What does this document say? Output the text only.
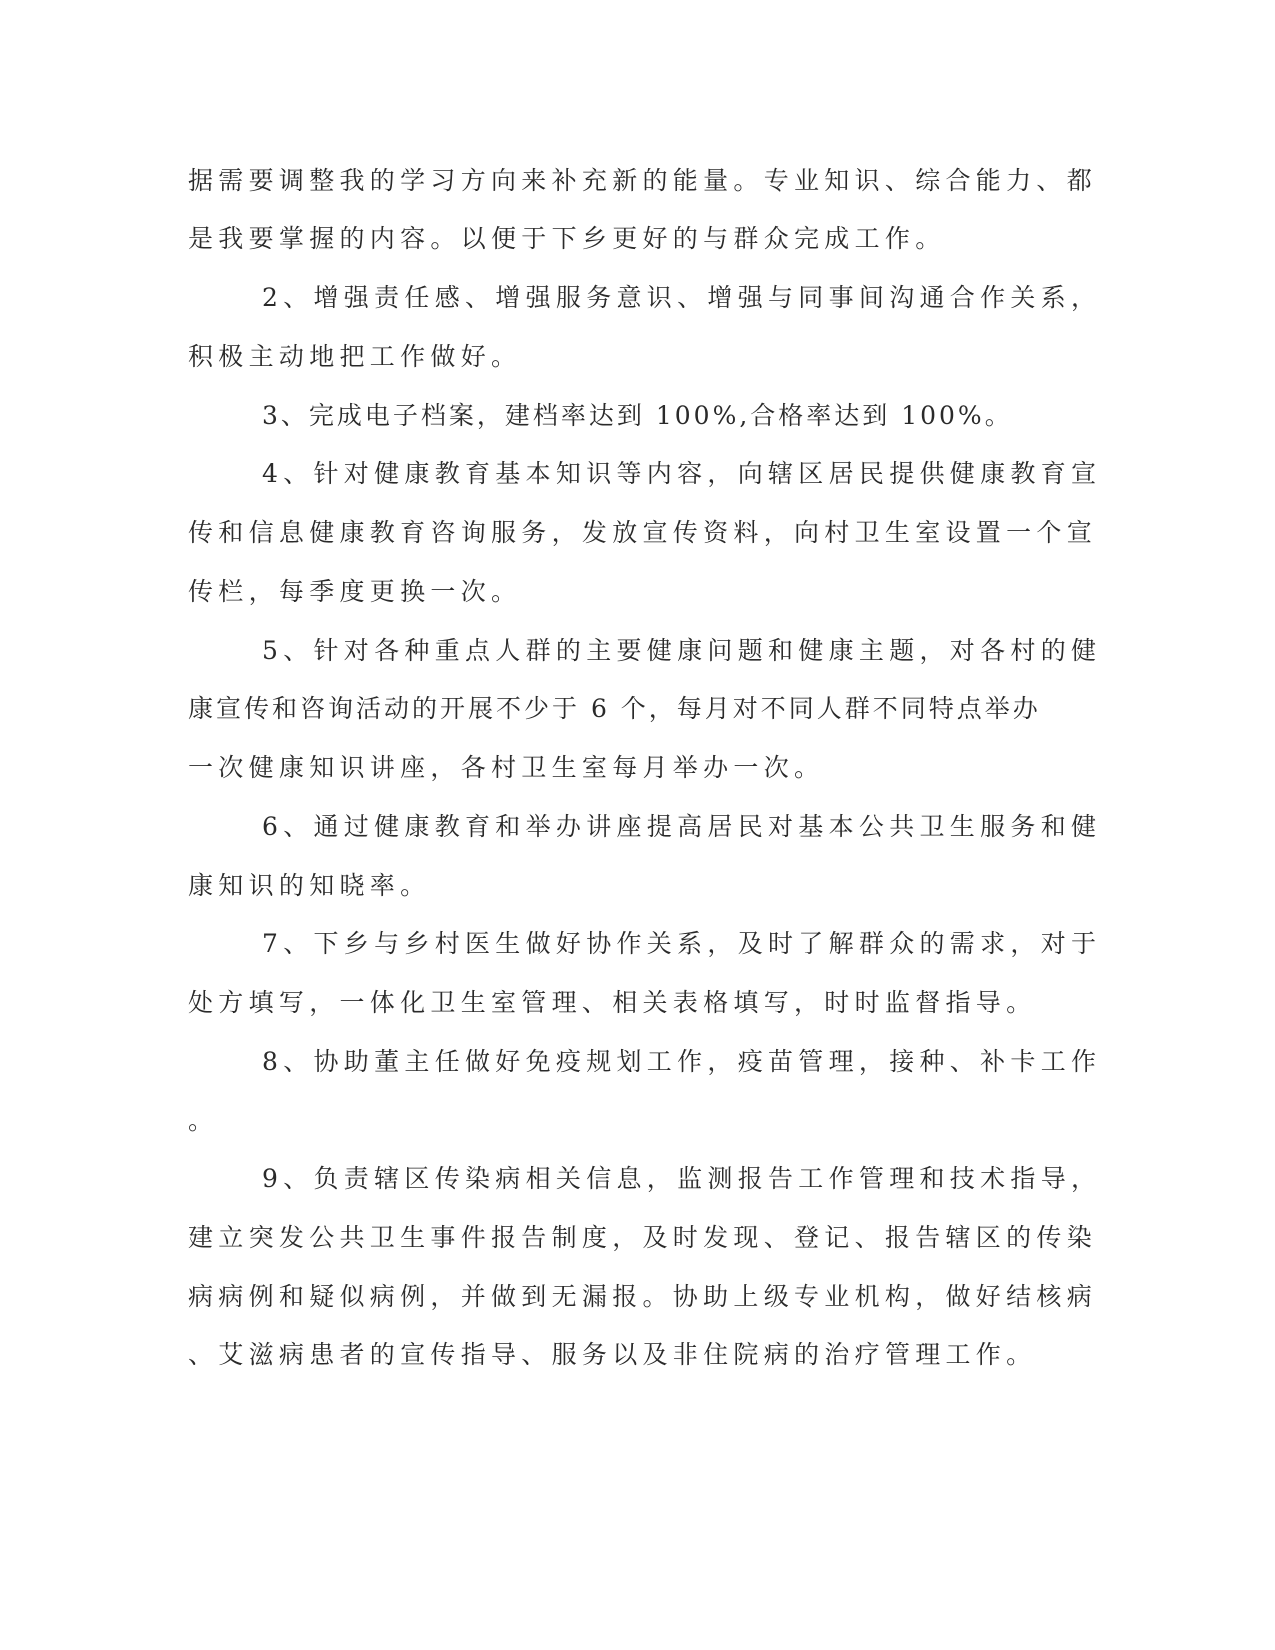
据需要调整我的学习方向来补充新的能量。专业知识、综合能力、都
是我要掌握的内容。以便于下乡更好的与群众完成工作。
2、增强责任感、增强服务意识、增强与同事间沟通合作关系，
积极主动地把工作做好。
3、完成电子档案，建档率达到 100%,合格率达到 100%。
4、针对健康教育基本知识等内容，向辖区居民提供健康教育宣
传和信息健康教育咨询服务，发放宣传资料，向村卫生室设置一个宣
传栏，每季度更换一次。
5、针对各种重点人群的主要健康问题和健康主题，对各村的健
康宣传和咨询活动的开展不少于 6 个，每月对不同人群不同特点举办
一次健康知识讲座，各村卫生室每月举办一次。
6、通过健康教育和举办讲座提高居民对基本公共卫生服务和健
康知识的知晓率。
7、下乡与乡村医生做好协作关系，及时了解群众的需求，对于
处方填写，一体化卫生室管理、相关表格填写，时时监督指导。
8、协助董主任做好免疫规划工作，疫苗管理，接种、补卡工作
。
9、负责辖区传染病相关信息，监测报告工作管理和技术指导，
建立突发公共卫生事件报告制度，及时发现、登记、报告辖区的传染
病病例和疑似病例，并做到无漏报。协助上级专业机构，做好结核病
、艾滋病患者的宣传指导、服务以及非住院病的治疗管理工作。
